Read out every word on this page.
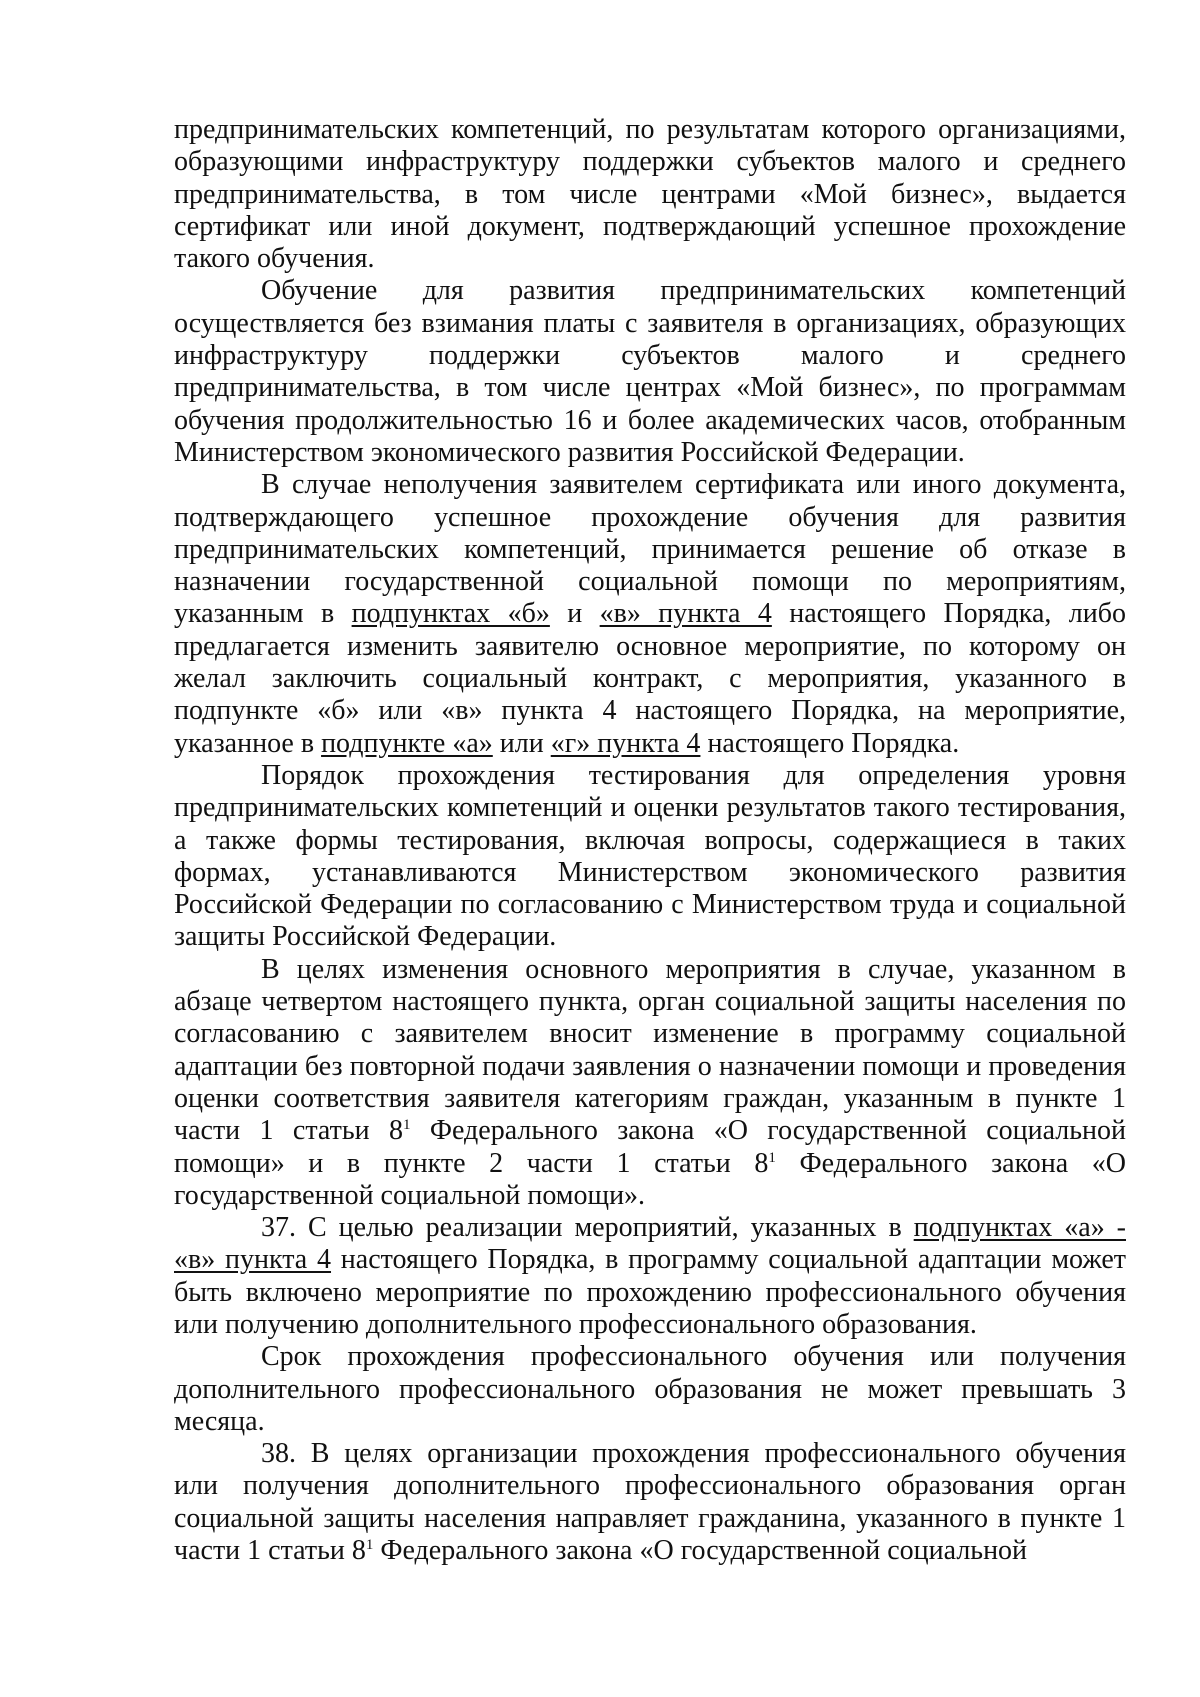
предпринимательских компетенций, по результатам которого организациями, образующими инфраструктуру поддержки субъектов малого и среднего предпринимательства, в том числе центрами «Мой бизнес», выдается сертификат или иной документ, подтверждающий успешное прохождение такого обучения.

Обучение для развития предпринимательских компетенций осуществляется без взимания платы с заявителя в организациях, образующих инфраструктуру поддержки субъектов малого и среднего предпринимательства, в том числе центрах «Мой бизнес», по программам обучения продолжительностью 16 и более академических часов, отобранным Министерством экономического развития Российской Федерации.

В случае неполучения заявителем сертификата или иного документа, подтверждающего успешное прохождение обучения для развития предпринимательских компетенций, принимается решение об отказе в назначении государственной социальной помощи по мероприятиям, указанным в подпунктах «б» и «в» пункта 4 настоящего Порядка, либо предлагается изменить заявителю основное мероприятие, по которому он желал заключить социальный контракт, с мероприятия, указанного в подпункте «б» или «в» пункта 4 настоящего Порядка, на мероприятие, указанное в подпункте «а» или «г» пункта 4 настоящего Порядка.

Порядок прохождения тестирования для определения уровня предпринимательских компетенций и оценки результатов такого тестирования, а также формы тестирования, включая вопросы, содержащиеся в таких формах, устанавливаются Министерством экономического развития Российской Федерации по согласованию с Министерством труда и социальной защиты Российской Федерации.

В целях изменения основного мероприятия в случае, указанном в абзаце четвертом настоящего пункта, орган социальной защиты населения по согласованию с заявителем вносит изменение в программу социальной адаптации без повторной подачи заявления о назначении помощи и проведения оценки соответствия заявителя категориям граждан, указанным в пункте 1 части 1 статьи $8^1$ Федерального закона «О государственной социальной помощи» и в пункте 2 части 1 статьи $8^1$ Федерального закона «О государственной социальной помощи».

37. С целью реализации мероприятий, указанных в подпунктах «а» - «в» пункта 4 настоящего Порядка, в программу социальной адаптации может быть включено мероприятие по прохождению профессионального обучения или получению дополнительного профессионального образования.

Срок прохождения профессионального обучения или получения дополнительного профессионального образования не может превышать 3 месяца.

38. В целях организации прохождения профессионального обучения или получения дополнительного профессионального образования орган социальной защиты населения направляет гражданина, указанного в пункте 1 части 1 статьи $8^1$ Федерального закона «О государственной социальной
